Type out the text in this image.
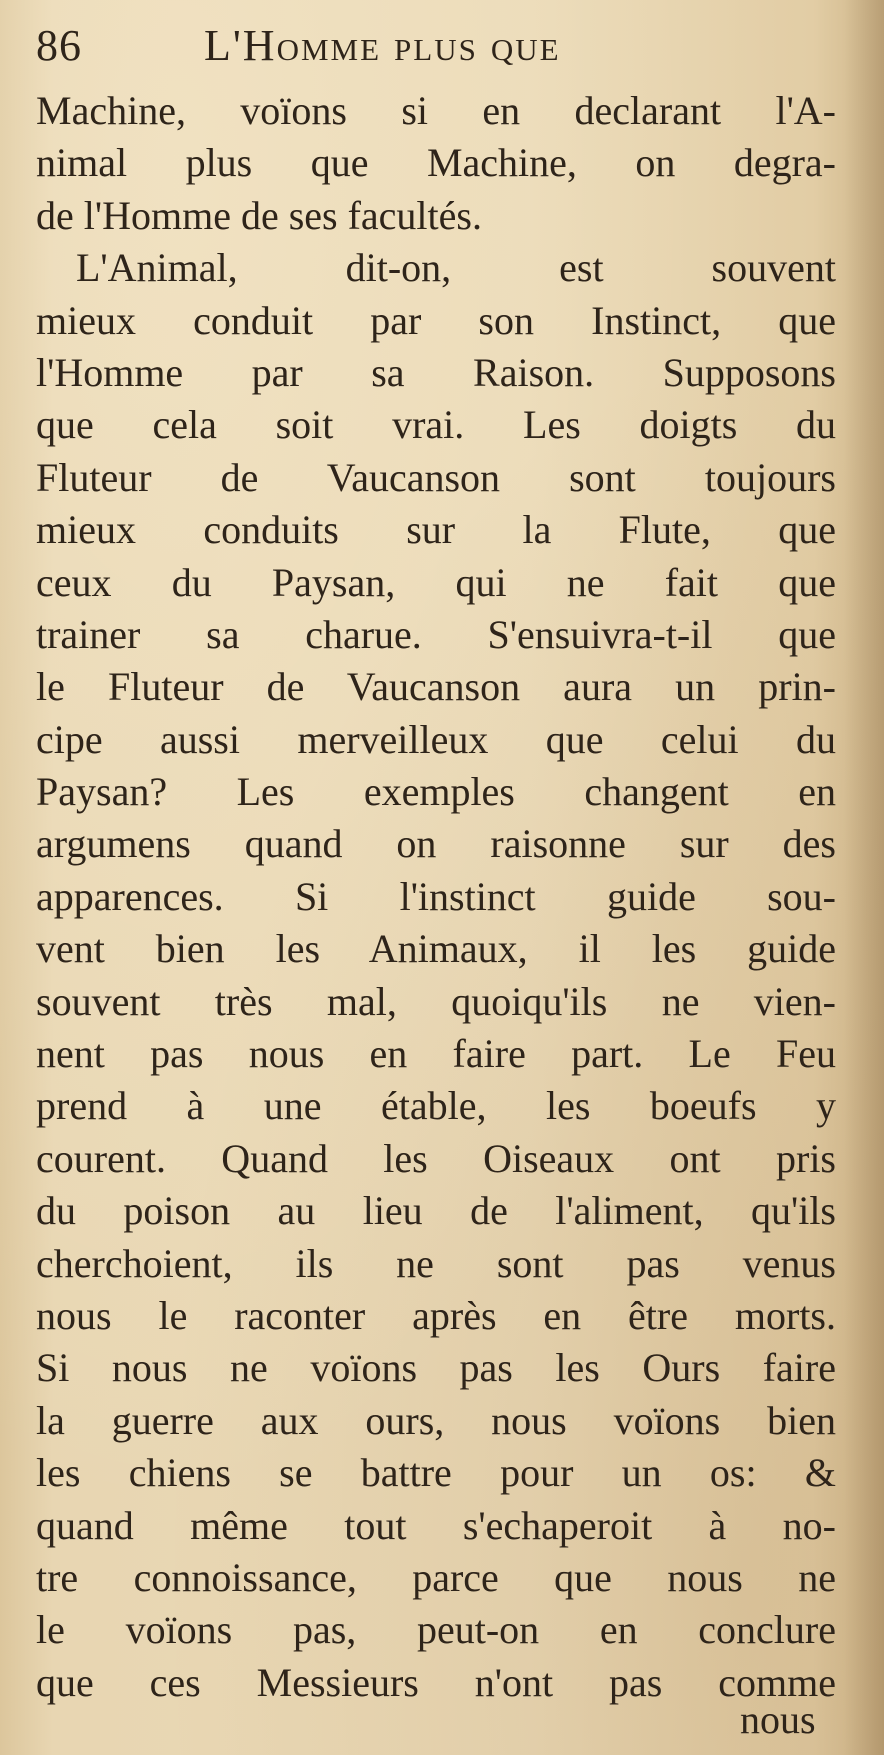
86	L'Homme plus que
Machine, voïons si en declarant l'A-
nimal plus que Machine, on degra-
de l'Homme de ses facultés.
L'Animal, dit-on, est souvent
mieux conduit par son Instinct, que
l'Homme par sa Raison. Supposons
que cela soit vrai. Les doigts du
Fluteur de Vaucanson sont toujours
mieux conduits sur la Flute, que
ceux du Paysan, qui ne fait que
trainer sa charue. S'ensuivra-t-il que
le Fluteur de Vaucanson aura un prin-
cipe aussi merveilleux que celui du
Paysan? Les exemples changent en
argumens quand on raisonne sur des
apparences. Si l'instinct guide sou-
vent bien les Animaux, il les guide
souvent très mal, quoiqu'ils ne vien-
nent pas nous en faire part. Le Feu
prend à une étable, les boeufs y
courent. Quand les Oiseaux ont pris
du poison au lieu de l'aliment, qu'ils
cherchoient, ils ne sont pas venus
nous le raconter après en être morts.
Si nous ne voïons pas les Ours faire
la guerre aux ours, nous voïons bien
les chiens se battre pour un os: &
quand même tout s'echaperoit à no-
tre connoissance, parce que nous ne
le voïons pas, peut-on en conclure
que ces Messieurs n'ont pas comme
nous
